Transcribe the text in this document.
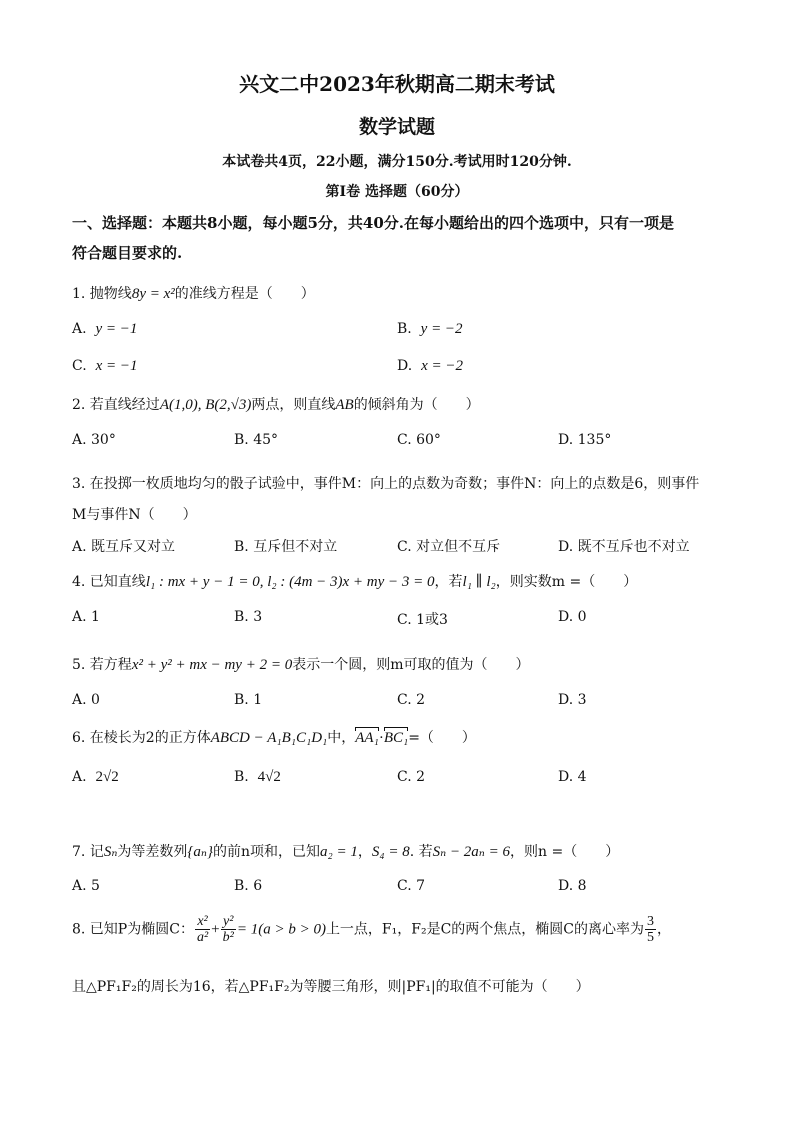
兴文二中2023年秋期高二期末考试
数学试题
本试卷共4页，22小题，满分150分.考试用时120分钟.
第I卷 选择题（60分）
一、选择题：本题共8小题，每小题5分，共40分.在每小题给出的四个选项中，只有一项是
符合题目要求的.
1. 抛物线8y = x²的准线方程是（　　）
A. y = −1	B. y = −2
C. x = −1	D. x = −2
2. 若直线经过A(1,0), B(2,√3)两点，则直线AB的倾斜角为（　　）
A. 30°	B. 45°	C. 60°	D. 135°
3. 在投掷一枚质地均匀的骰子试验中，事件M：向上的点数为奇数；事件N：向上的点数是6，则事件
M与事件N（　　）
A. 既互斥又对立	B. 互斥但不对立	C. 对立但不互斥	D. 既不互斥也不对立
4. 已知直线l₁ : mx + y − 1 = 0, l₂ : (4m − 3)x + my − 3 = 0，若l₁ ∥ l₂，则实数m =（　　）
A. 1	B. 3	C. 1或3	D. 0
5. 若方程x² + y² + mx − my + 2 = 0表示一个圆，则m可取的值为（　　）
A. 0	B. 1	C. 2	D. 3
6. 在棱长为2的正方体ABCD − A₁B₁C₁D₁中，AA₁·BC₁=（　　）
A. 2√2	B. 4√2	C. 2	D. 4
7. 记Sₙ为等差数列{aₙ}的前n项和，已知a₂ = 1，S₄ = 8. 若Sₙ − 2aₙ = 6，则n =（　　）
A. 5	B. 6	C. 7	D. 8
8. 已知P为椭圆C： $\frac{\text{x²}}{\text{a²}} + \frac{\text{y²}}{\text{b²}} = 1(a > b > 0)$上一点，F₁，F₂是C的两个焦点，椭圆C的离心率为 $\frac{3}{5}$ ，
且△PF₁F₂的周长为16，若△PF₁F₂为等腰三角形，则|PF₁|的取值不可能为（　　）
